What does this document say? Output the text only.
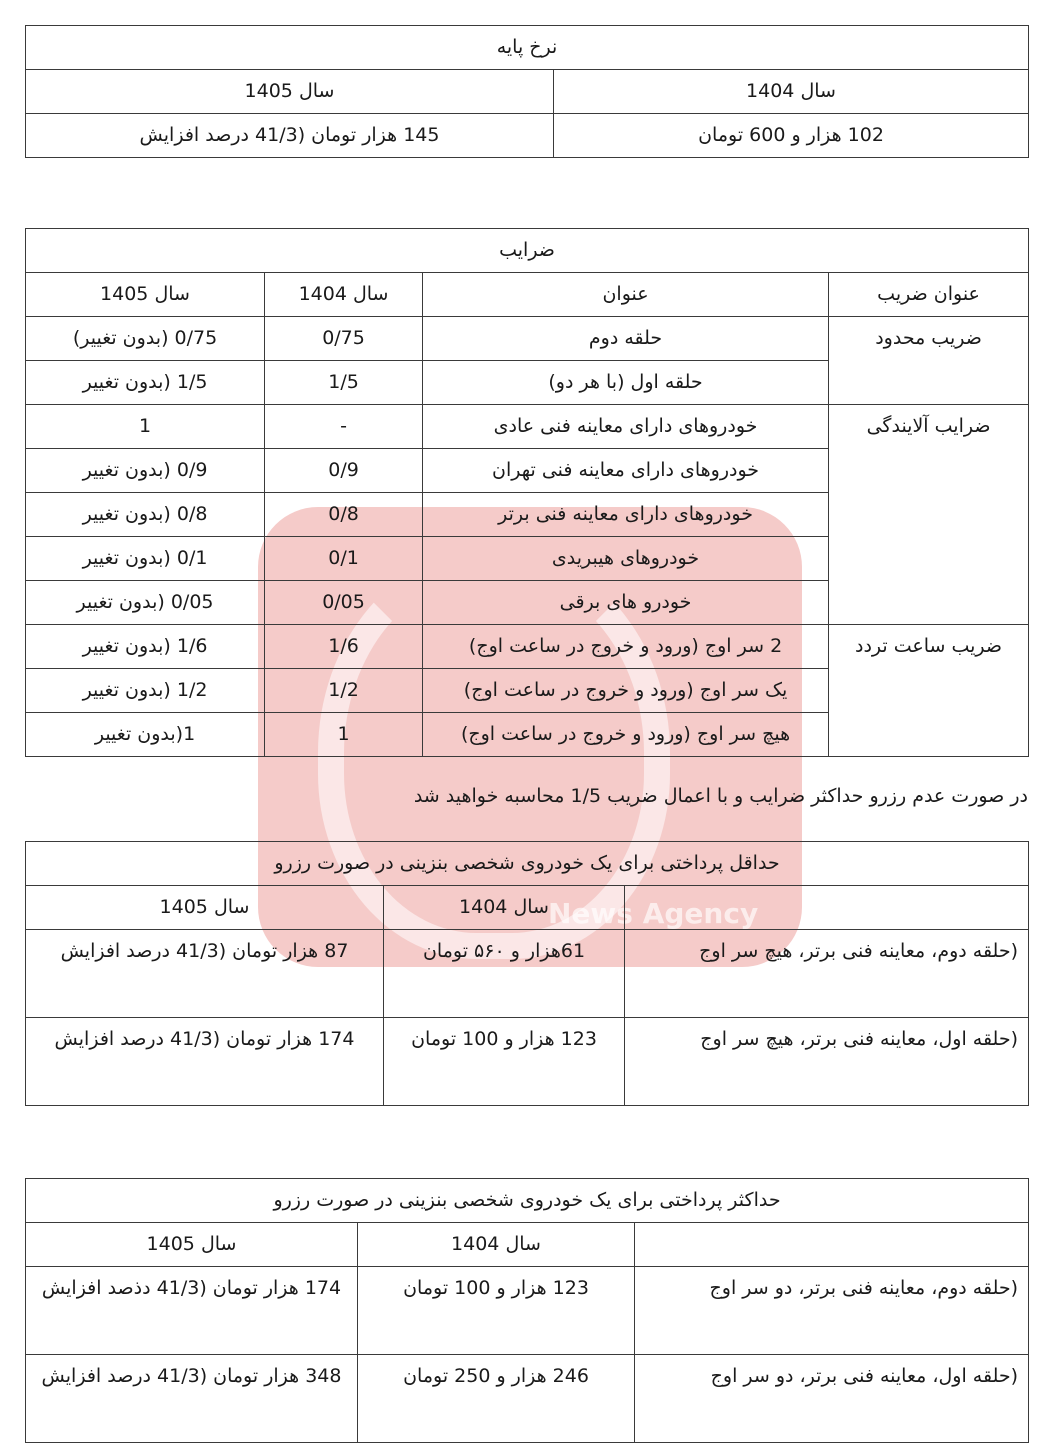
News Agency
نرخ پایه	
سال 1404	سال 1405
102 هزار و 600 تومان	145 هزار تومان (41/3 درصد افزایش
ضرایب			
عنوان ضریب	عنوان	سال 1404	سال 1405
ضریب محدود	حلقه دوم	0/75	0/75 (بدون تغییر)
	حلقه اول (با هر دو)	1/5	1/5 (بدون تغییر
ضرایب آلایندگی	خودروهای دارای معاینه فنی عادی	-	1
	خودروهای دارای معاینه فنی تهران	0/9	0/9 (بدون تغییر
	خودروهای دارای معاینه فنی برتر	0/8	0/8 (بدون تغییر
	خودروهای هیبریدی	0/1	0/1 (بدون تغییر
	خودرو های برقی	0/05	0/05 (بدون تغییر
ضریب ساعت تردد	2 سر اوج (ورود و خروج در ساعت اوج)	1/6	1/6 (بدون تغییر
	یک سر اوج (ورود و خروج در ساعت اوج)	1/2	1/2 (بدون تغییر
	هیچ سر اوج (ورود و خروج در ساعت اوج)	1	1(بدون تغییر
در صورت عدم رزرو حداکثر ضرایب و با اعمال ضریب 1/5 محاسبه خواهید شد
حداقل پرداختی برای یک خودروی شخصی بنزینی در صورت رزرو		
	سال 1404	سال 1405
(حلقه دوم، معاینه فنی برتر، هیچ سر اوج	61هزار و ۵۶۰ تومان	87 هزار تومان (41/3 درصد افزایش
(حلقه اول، معاینه فنی برتر، هیچ سر اوج	123 هزار و 100 تومان	174 هزار تومان (41/3 درصد افزایش
حداکثر پرداختی برای یک خودروی شخصی بنزینی در صورت رزرو		
	سال 1404	سال 1405
(حلقه دوم، معاینه فنی برتر، دو سر اوج	123 هزار و 100 تومان	174 هزار تومان (41/3 دذصد افزایش
(حلقه اول، معاینه فنی برتر، دو سر اوج	246 هزار و 250 تومان	348 هزار تومان (41/3 درصد افزایش
